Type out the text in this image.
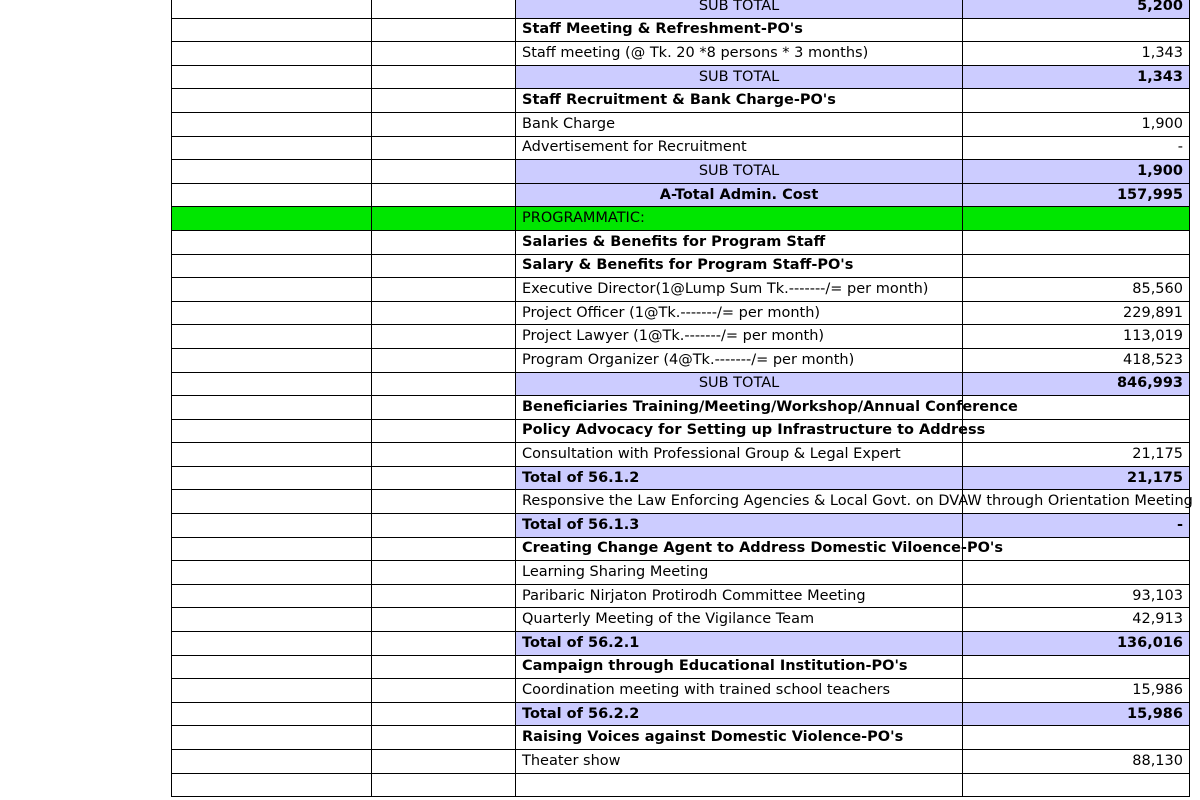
		SUB TOTAL	5,200
		Staff Meeting & Refreshment-PO's	
		Staff meeting (@ Tk. 20 *8 persons * 3 months)	1,343
		SUB TOTAL	1,343
		Staff Recruitment & Bank Charge-PO's	
		Bank Charge	1,900
		Advertisement for Recruitment	-
		SUB TOTAL	1,900
		A-Total Admin. Cost	157,995
		PROGRAMMATIC:	
		Salaries & Benefits for Program Staff	
		Salary & Benefits for Program Staff-PO's	
		Executive Director(1@Lump Sum Tk.-------/= per month)	85,560
		Project Officer (1@Tk.-------/= per month)	229,891
		Project Lawyer (1@Tk.-------/= per month)	113,019
		Program Organizer (4@Tk.-------/= per month)	418,523
		SUB TOTAL	846,993
		Beneficiaries Training/Meeting/Workshop/Annual Conference	
		Policy Advocacy for Setting up Infrastructure to Address	
		Consultation with Professional Group & Legal Expert	21,175
		Total of 56.1.2	21,175
		Responsive the Law Enforcing Agencies & Local Govt. on DVAW through Orientation Meeting	
		Total of 56.1.3	-
		Creating Change Agent to Address Domestic Viloence-PO's	
		Learning Sharing Meeting	
		Paribaric Nirjaton Protirodh Committee Meeting	93,103
		Quarterly Meeting of the Vigilance Team	42,913
		Total of 56.2.1	136,016
		Campaign through Educational Institution-PO's	
		Coordination meeting with trained school teachers	15,986
		Total of 56.2.2	15,986
		Raising Voices against Domestic Violence-PO's	
		Theater show	88,130
